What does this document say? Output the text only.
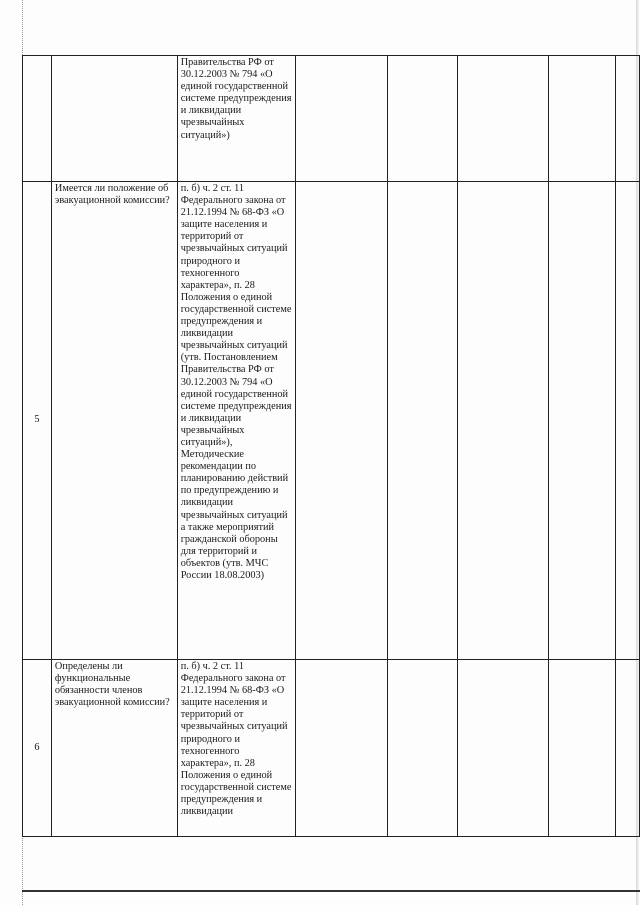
		Правительства РФ от 30.12.2003 № 794 «О единой государственной системе предупреждения и ликвидации чрезвычайных ситуаций»)					

5	Имеется ли положение об эвакуационной комиссии?	п. б) ч. 2 ст. 11 Федерального закона от 21.12.1994 № 68-ФЗ «О защите населения и территорий от чрезвычайных ситуаций природного и техногенного характера», п. 28 Положения о единой государственной системе предупреждения и ликвидации чрезвычайных ситуаций (утв. Постановлением Правительства РФ от 30.12.2003 № 794 «О единой государственной системе предупреждения и ликвидации чрезвычайных ситуаций»), Методические рекомендации по планированию действий по предупреждению и ликвидации чрезвычайных ситуаций а также мероприятий гражданской обороны для территорий и объектов (утв. МЧС России 18.08.2003)					

6	Определены ли функциональные обязанности членов эвакуационной комиссии?	п. б) ч. 2 ст. 11 Федерального закона от 21.12.1994 № 68-ФЗ «О защите населения и территорий от чрезвычайных ситуаций природного и техногенного характера», п. 28 Положения о единой государственной системе предупреждения и ликвидации					
